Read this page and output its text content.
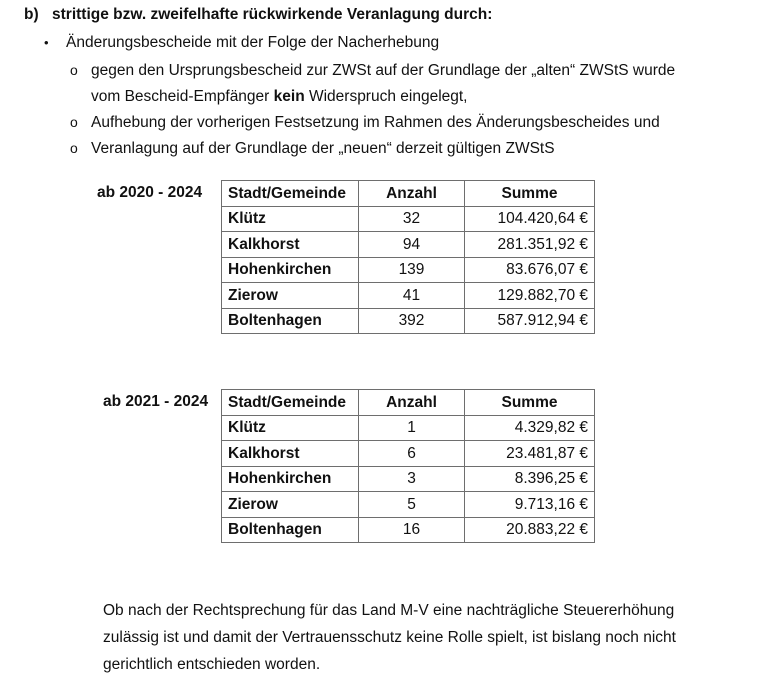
b) strittige bzw. zweifelhafte rückwirkende Veranlagung durch:
• Änderungsbescheide mit der Folge der Nacherhebung
o gegen den Ursprungsbescheid zur ZWSt auf der Grundlage der „alten“ ZWStS wurde
vom Bescheid-Empfänger kein Widerspruch eingelegt,
o Aufhebung der vorherigen Festsetzung im Rahmen des Änderungsbescheides und
o Veranlagung auf der Grundlage der „neuen“ derzeit gültigen ZWStS
ab 2020 - 2024 Stadt/Gemeinde	Anzahl	Summe
Klütz	32	104.420,64 €
Kalkhorst	94	281.351,92 €
Hohenkirchen	139	83.676,07 €
Zierow	41	129.882,70 €
Boltenhagen	392	587.912,94 €
ab 2021 - 2024 Stadt/Gemeinde	Anzahl	Summe
Klütz	1	4.329,82 €
Kalkhorst	6	23.481,87 €
Hohenkirchen	3	8.396,25 €
Zierow	5	9.713,16 €
Boltenhagen	16	20.883,22 €
Ob nach der Rechtsprechung für das Land M-V eine nachträgliche Steuererhöhung
zulässig ist und damit der Vertrauensschutz keine Rolle spielt, ist bislang noch nicht
gerichtlich entschieden worden.
